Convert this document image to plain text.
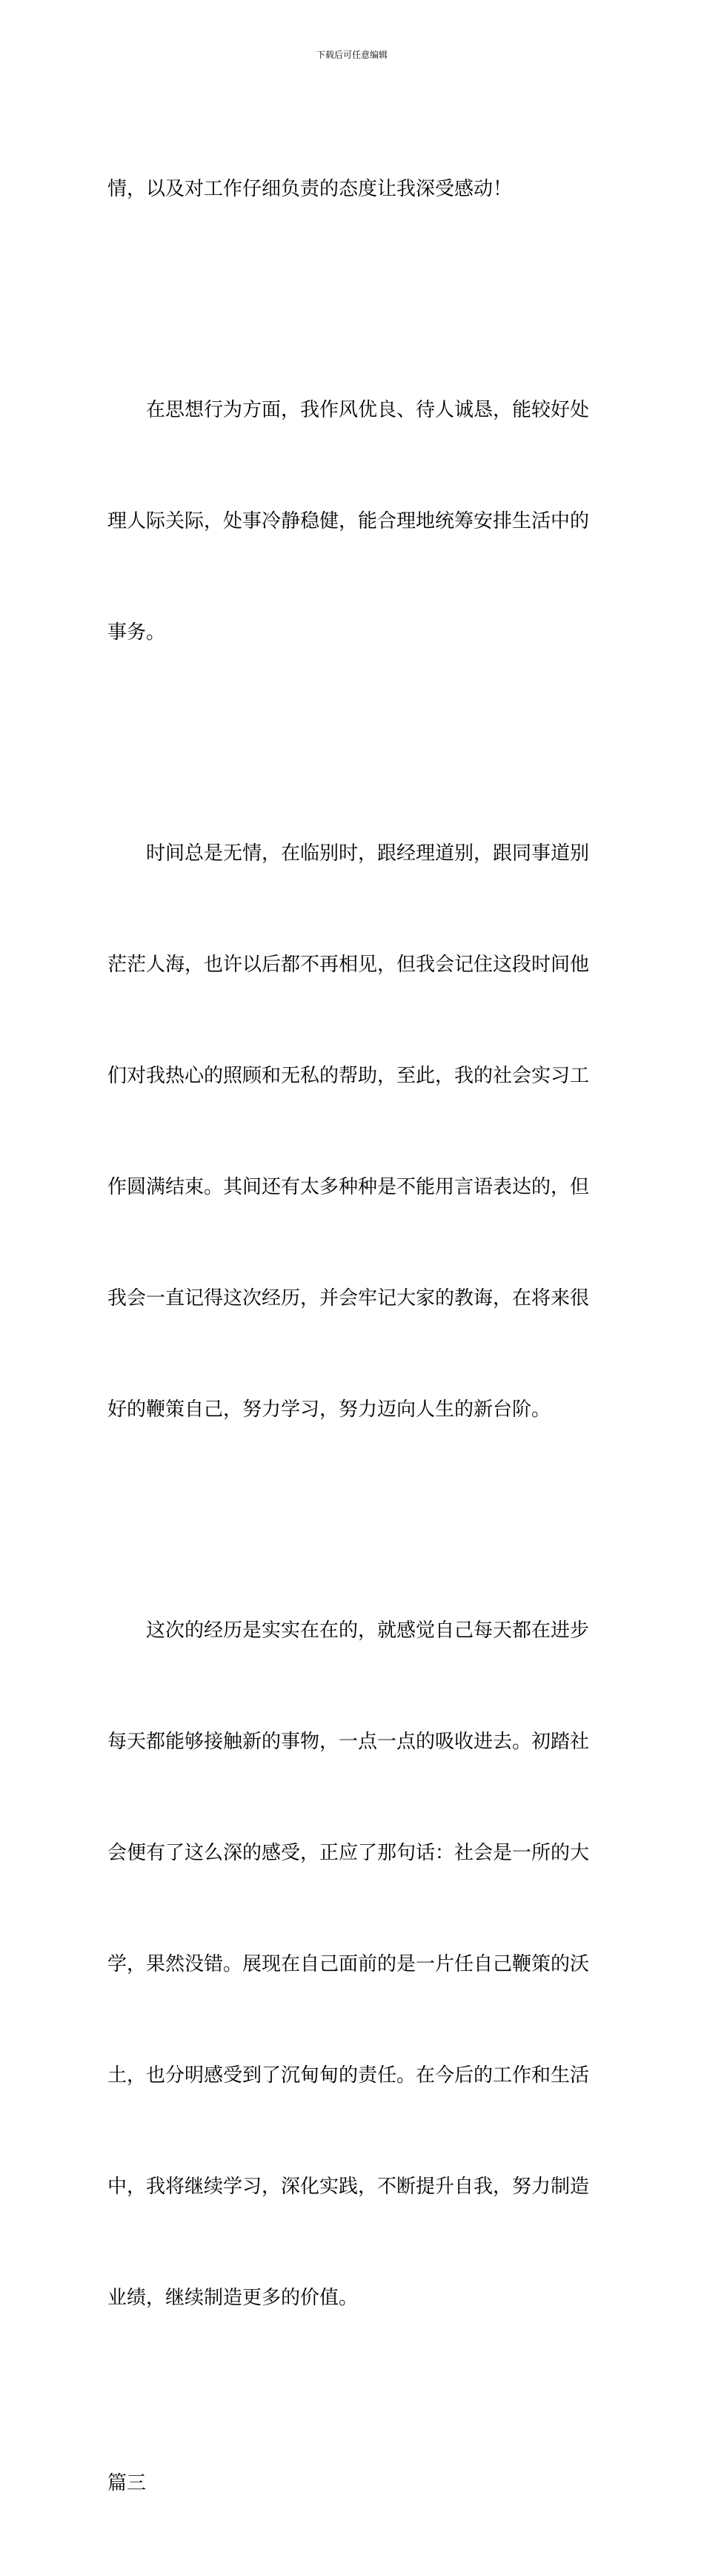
下载后可任意编辑

情，以及对工作仔细负责的态度让我深受感动！

在思想行为方面，我作风优良、待人诚恳，能较好处

理人际关际，处事冷静稳健，能合理地统筹安排生活中的

事务。

时间总是无情，在临别时，跟经理道别，跟同事道别

茫茫人海，也许以后都不再相见，但我会记住这段时间他

们对我热心的照顾和无私的帮助，至此，我的社会实习工

作圆满结束。其间还有太多种种是不能用言语表达的，但

我会一直记得这次经历，并会牢记大家的教诲，在将来很

好的鞭策自己，努力学习，努力迈向人生的新台阶。

这次的经历是实实在在的，就感觉自己每天都在进步

每天都能够接触新的事物，一点一点的吸收进去。初踏社

会便有了这么深的感受，正应了那句话：社会是一所的大

学，果然没错。展现在自己面前的是一片任自己鞭策的沃

土，也分明感受到了沉甸甸的责任。在今后的工作和生活

中，我将继续学习，深化实践，不断提升自我，努力制造

业绩，继续制造更多的价值。

篇三
